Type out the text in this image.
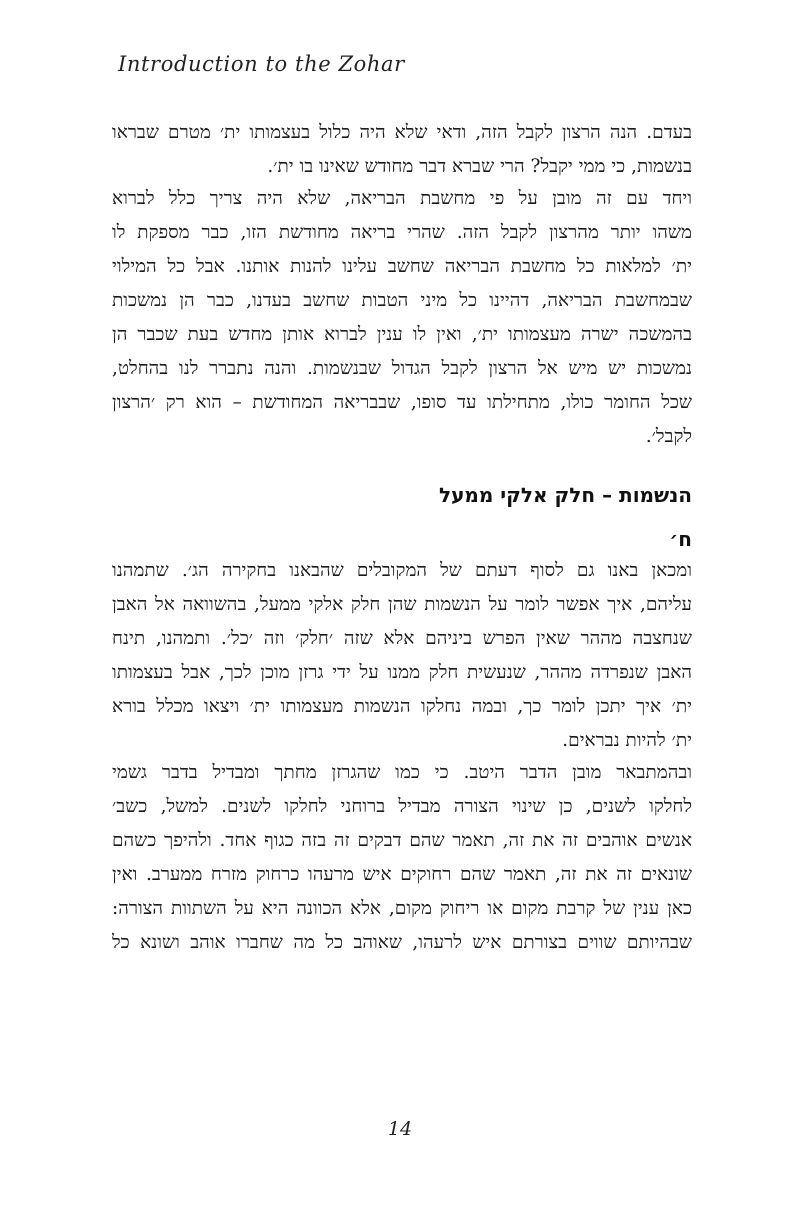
Introduction to the Zohar
בעדם. הנה הרצון לקבל הזה, ודאי שלא היה כלול בעצמותו ית׳ מטרם שבראו
בנשמות, כי ממי יקבל? הרי שברא דבר מחודש שאינו בו ית׳.
ויחד עם זה מובן על פי מחשבת הבריאה, שלא היה צריך כלל לברוא
משהו יותר מהרצון לקבל הזה. שהרי בריאה מחודשת הזו, כבר מספקת לו
ית׳ למלאות כל מחשבת הבריאה שחשב עלינו להנות אותנו. אבל כל המילוי
שבמחשבת הבריאה, דהיינו כל מיני הטבות שחשב בעדנו, כבר הן נמשכות
בהמשכה ישרה מעצמותו ית׳, ואין לו ענין לברוא אותן מחדש בעת שכבר הן
נמשכות יש מיש אל הרצון לקבל הגדול שבנשמות. והנה נתברר לנו בהחלט,
שכל החומר כולו, מתחילתו עד סופו, שבבריאה המחודשת – הוא רק ׳הרצון
לקבל׳.
הנשמות – חלק אלקי ממעל
ח׳
ומכאן באנו גם לסוף דעתם של המקובלים שהבאנו בחקירה הג׳. שתמהנו
עליהם, איך אפשר לומר על הנשמות שהן חלק אלקי ממעל, בהשוואה אל האבן
שנחצבה מההר שאין הפרש ביניהם אלא שזה ׳חלק׳ וזה ׳כל׳. ותמהנו, תינח
האבן שנפרדה מההר, שנעשית חלק ממנו על ידי גרזן מוכן לכך, אבל בעצמותו
ית׳ איך יתכן לומר כך, ובמה נחלקו הנשמות מעצמותו ית׳ ויצאו מכלל בורא
ית׳ להיות נבראים.
ובהמתבאר מובן הדבר היטב. כי כמו שהגרזן מחתך ומבדיל בדבר גשמי
לחלקו לשנים, כן שינוי הצורה מבדיל ברוחני לחלקו לשנים. למשל, כשב׳
אנשים אוהבים זה את זה, תאמר שהם דבקים זה בזה כגוף אחד. ולהיפך כשהם
שונאים זה את זה, תאמר שהם רחוקים איש מרעהו כרחוק מזרח ממערב. ואין
כאן ענין של קרבת מקום או ריחוק מקום, אלא הכוונה היא על השתוות הצורה:
שבהיותם שווים בצורתם איש לרעהו, שאוהב כל מה שחברו אוהב ושונא כל
14
